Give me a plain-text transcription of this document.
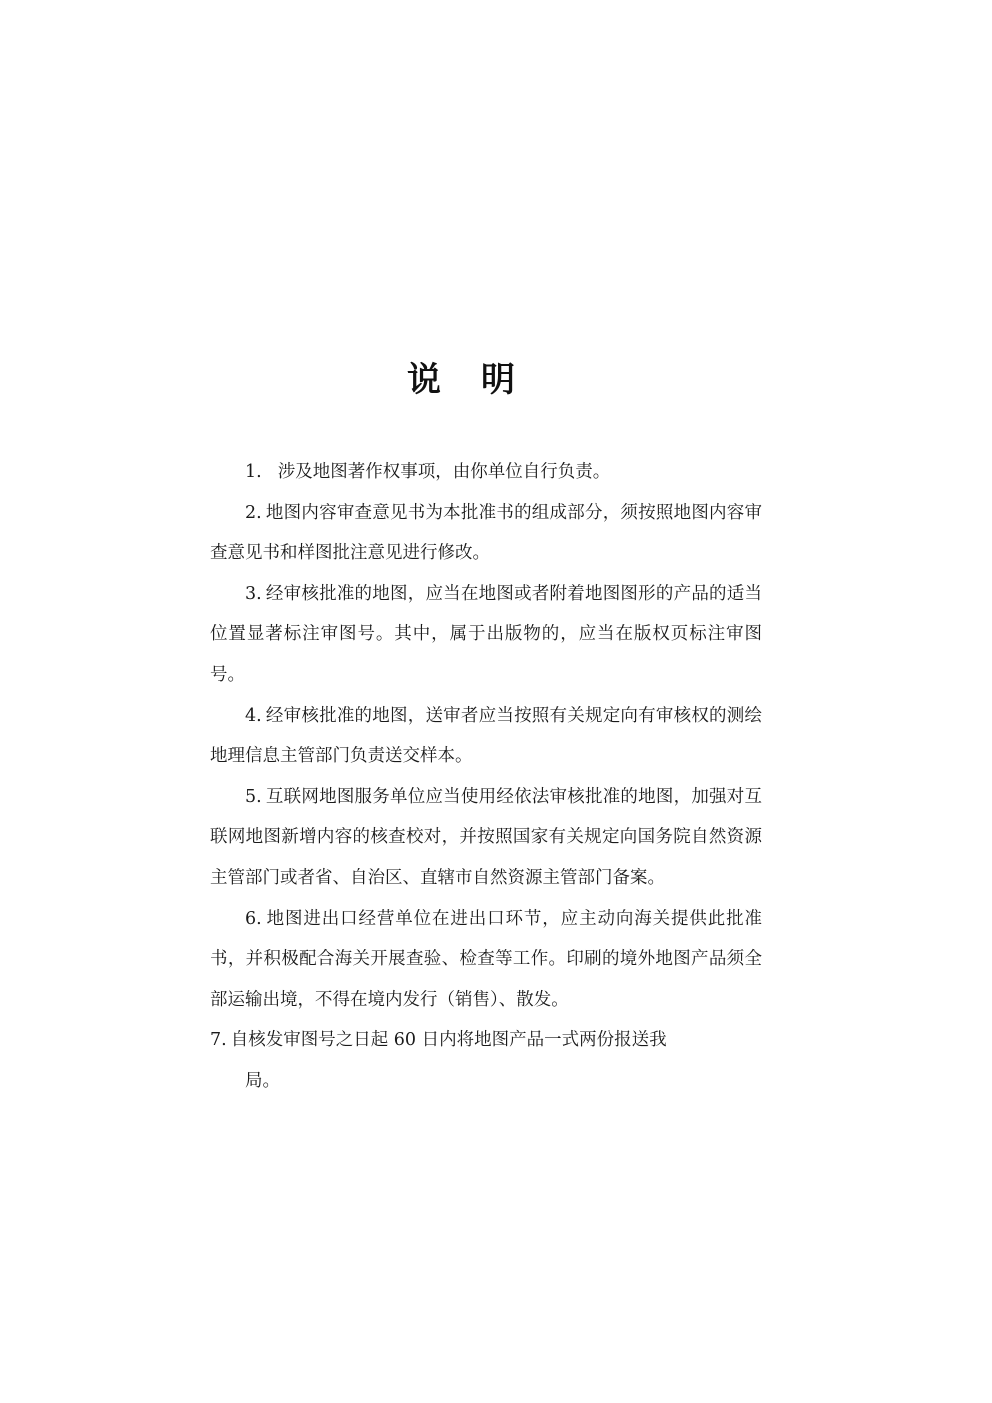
说明

1. 涉及地图著作权事项，由你单位自行负责。

2. 地图内容审查意见书为本批准书的组成部分，须按照地图内容审查意见书和样图批注意见进行修改。

3. 经审核批准的地图，应当在地图或者附着地图图形的产品的适当位置显著标注审图号。其中，属于出版物的，应当在版权页标注审图号。

4. 经审核批准的地图，送审者应当按照有关规定向有审核权的测绘地理信息主管部门负责送交样本。

5. 互联网地图服务单位应当使用经依法审核批准的地图，加强对互联网地图新增内容的核查校对，并按照国家有关规定向国务院自然资源主管部门或者省、自治区、直辖市自然资源主管部门备案。

6. 地图进出口经营单位在进出口环节，应主动向海关提供此批准书，并积极配合海关开展查验、检查等工作。印刷的境外地图产品须全部运输出境，不得在境内发行（销售）、散发。

7. 自核发审图号之日起 60 日内将地图产品一式两份报送我
局。
